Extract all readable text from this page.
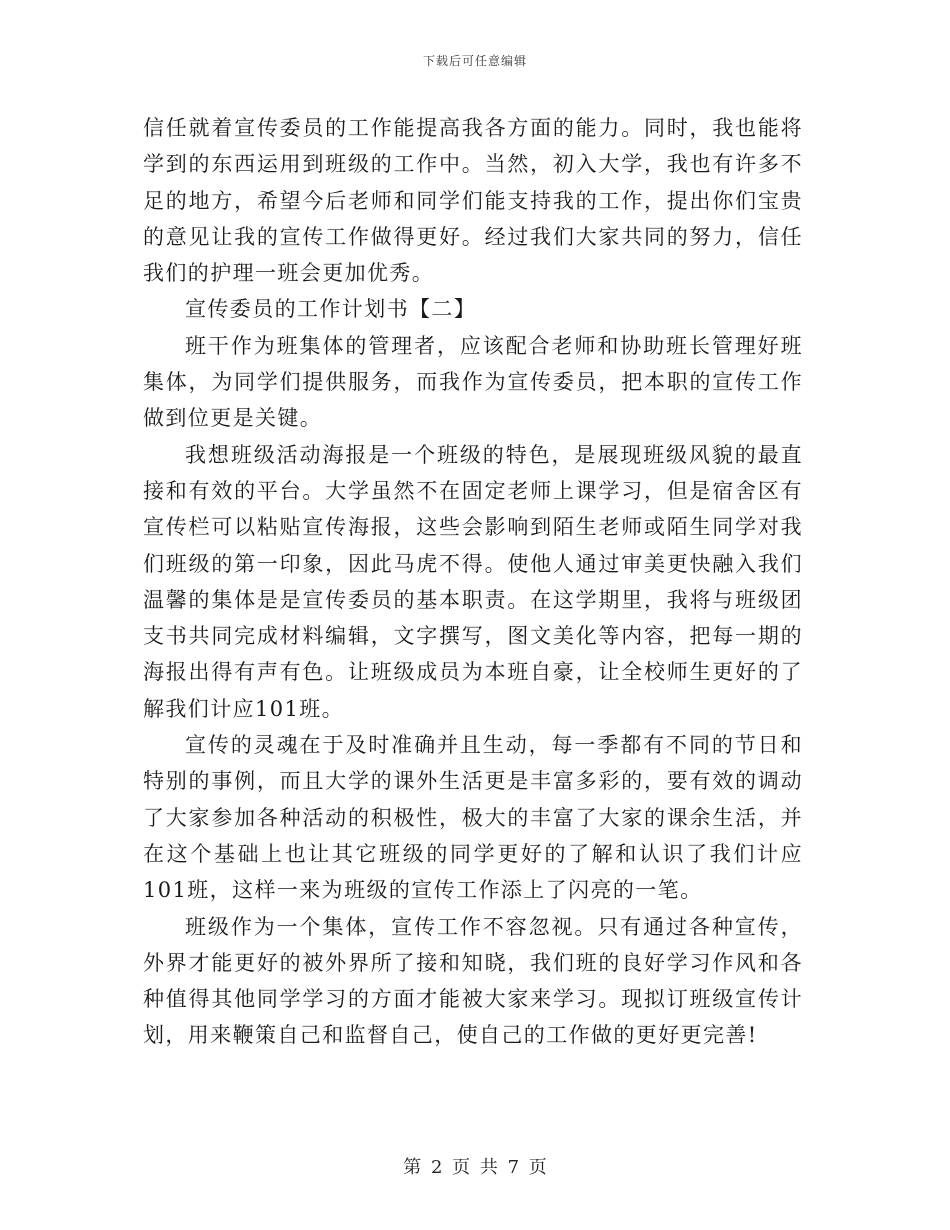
下载后可任意编辑

信任就着宣传委员的工作能提高我各方面的能力。同时，我也能将学到的东西运用到班级的工作中。当然，初入大学，我也有许多不足的地方，希望今后老师和同学们能支持我的工作，提出你们宝贵的意见让我的宣传工作做得更好。经过我们大家共同的努力，信任我们的护理一班会更加优秀。

宣传委员的工作计划书【二】

班干作为班集体的管理者，应该配合老师和协助班长管理好班集体，为同学们提供服务，而我作为宣传委员，把本职的宣传工作做到位更是关键。

我想班级活动海报是一个班级的特色，是展现班级风貌的最直接和有效的平台。大学虽然不在固定老师上课学习，但是宿舍区有宣传栏可以粘贴宣传海报，这些会影响到陌生老师或陌生同学对我们班级的第一印象，因此马虎不得。使他人通过审美更快融入我们温馨的集体是是宣传委员的基本职责。在这学期里，我将与班级团支书共同完成材料编辑，文字撰写，图文美化等内容，把每一期的海报出得有声有色。让班级成员为本班自豪，让全校师生更好的了解我们计应101班。

宣传的灵魂在于及时准确并且生动，每一季都有不同的节日和特别的事例，而且大学的课外生活更是丰富多彩的，要有效的调动了大家参加各种活动的积极性，极大的丰富了大家的课余生活，并在这个基础上也让其它班级的同学更好的了解和认识了我们计应101班，这样一来为班级的宣传工作添上了闪亮的一笔。

班级作为一个集体，宣传工作不容忽视。只有通过各种宣传，外界才能更好的被外界所了接和知晓，我们班的良好学习作风和各种值得其他同学学习的方面才能被大家来学习。现拟订班级宣传计划，用来鞭策自己和监督自己，使自己的工作做的更好更完善!

第 2 页 共 7 页
